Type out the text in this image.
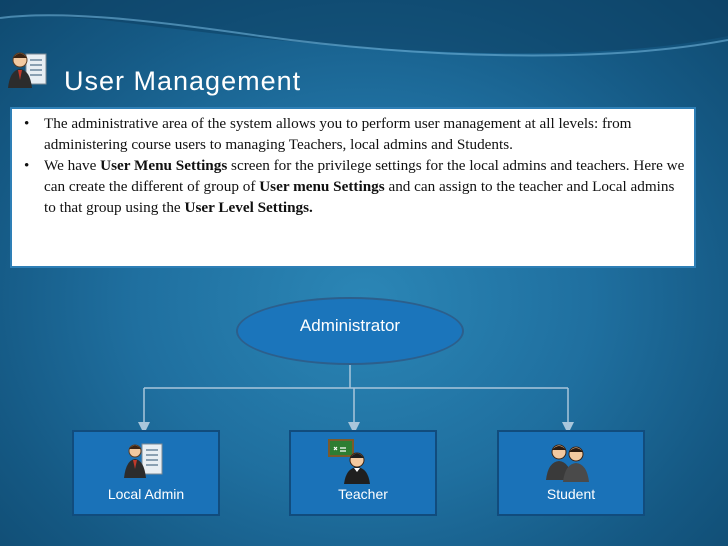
User Management
• The administrative area of the system allows you to perform user management at all levels: from administering course users to managing Teachers, local admins and Students.
• We have User Menu Settings screen for the privilege settings for the local admins and teachers. Here we can create the different of group of User menu Settings and can assign to the teacher and Local admins to that group using the User Level Settings.
Administrator
Local Admin	Teacher	Student
